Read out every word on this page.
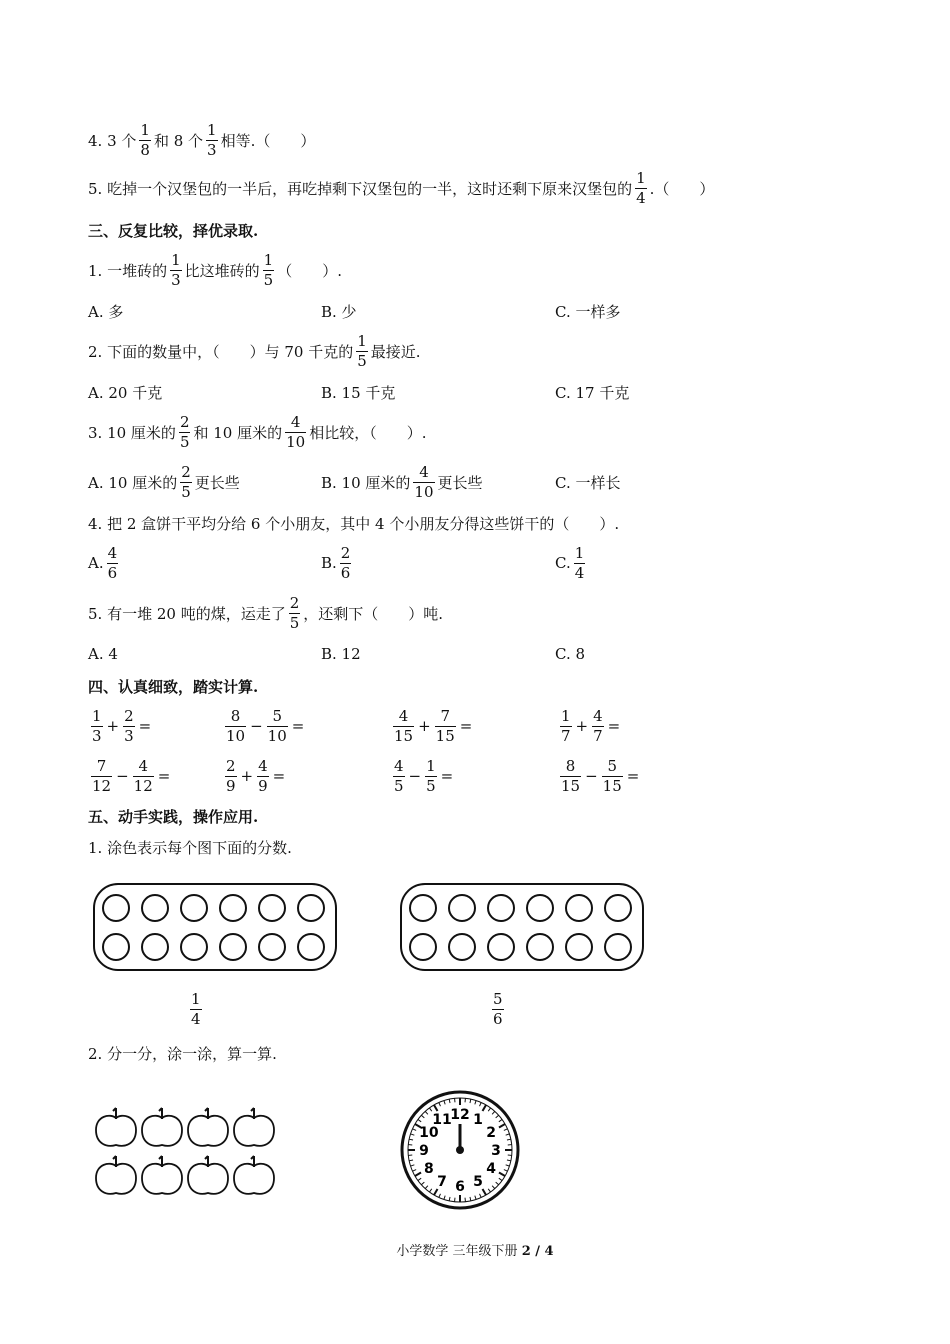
4. 3 个 $\frac{1}{8}$ 和 8 个 $\frac{1}{3}$ 相等.（　　）
5. 吃掉一个汉堡包的一半后，再吃掉剩下汉堡包的一半，这时还剩下原来汉堡包的 $\frac{1}{4}$ .（　　）
三、反复比较，择优录取.
1. 一堆砖的 $\frac{1}{3}$ 比这堆砖的 $\frac{1}{5}$ （　　）.
A. 多	B. 少	C. 一样多
2. 下面的数量中，（　　）与 70 千克的 $\frac{1}{5}$ 最接近.
A. 20 千克	B. 15 千克	C. 17 千克
3. 10 厘米的 $\frac{2}{5}$ 和 10 厘米的 $\frac{4}{10}$ 相比较，（　　）.
A. 10 厘米的 $\frac{2}{5}$ 更长些	B. 10 厘米的 $\frac{4}{10}$ 更长些	C. 一样长
4. 把 2 盒饼干平均分给 6 个小朋友，其中 4 个小朋友分得这些饼干的（　　）.
A. $\frac{4}{6}$	B. $\frac{2}{6}$	C. $\frac{1}{4}$
5. 有一堆 20 吨的煤，运走了 $\frac{2}{5}$ ，还剩下（　　）吨.
A. 4	B. 12	C. 8
四、认真细致，踏实计算.
$\frac{1}{3} + \frac{2}{3}$ =	$\frac{8}{10} - \frac{5}{10}$ =	$\frac{4}{15} + \frac{7}{15}$ =	$\frac{1}{7} + \frac{4}{7}$ =
$\frac{7}{12} - \frac{4}{12}$ =	$\frac{2}{9} + \frac{4}{9}$ =	$\frac{4}{5} - \frac{1}{5}$ =	$\frac{8}{15} - \frac{5}{15}$ =
五、动手实践，操作应用.
1. 涂色表示每个图下面的分数.
$\frac{1}{4}$	$\frac{5}{6}$
2. 分一分，涂一涂，算一算.
12 1
2
3
4
5
6
7
8
9
10
11
小学数学 三年级下册 2 / 4
